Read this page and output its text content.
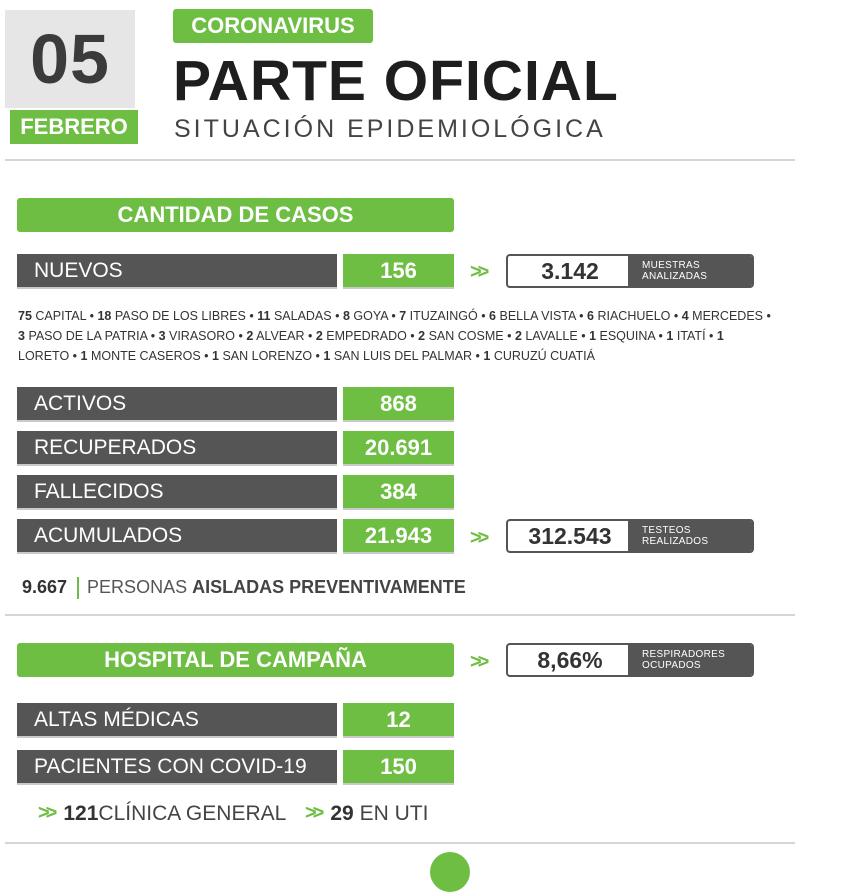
05
FEBRERO
CORONAVIRUS
PARTE OFICIAL
SITUACIÓN EPIDEMIOLÓGICA
CANTIDAD DE CASOS
NUEVOS	156	>>	3.142	MUESTRAS
ANALIZADAS
75 CAPITAL • 18 PASO DE LOS LIBRES • 11 SALADAS • 8 GOYA • 7 ITUZAINGÓ • 6 BELLA VISTA • 6 RIACHUELO • 4 MERCEDES • 3 PASO DE LA PATRIA • 3 VIRASORO • 2 ALVEAR • 2 EMPEDRADO • 2 SAN COSME • 2 LAVALLE • 1 ESQUINA • 1 ITATÍ • 1 LORETO • 1 MONTE CASEROS • 1 SAN LORENZO • 1 SAN LUIS DEL PALMAR • 1 CURUZÚ CUATIÁ
ACTIVOS	868
RECUPERADOS	20.691
FALLECIDOS	384
ACUMULADOS	21.943	>>	312.543	TESTEOS
REALIZADOS
9.667 PERSONAS AISLADAS PREVENTIVAMENTE
HOSPITAL DE CAMPAÑA	>>	8,66%	RESPIRADORES
OCUPADOS
ALTAS MÉDICAS	12
PACIENTES CON COVID-19	150
>> 121CLÍNICA GENERAL >> 29 EN UTI
